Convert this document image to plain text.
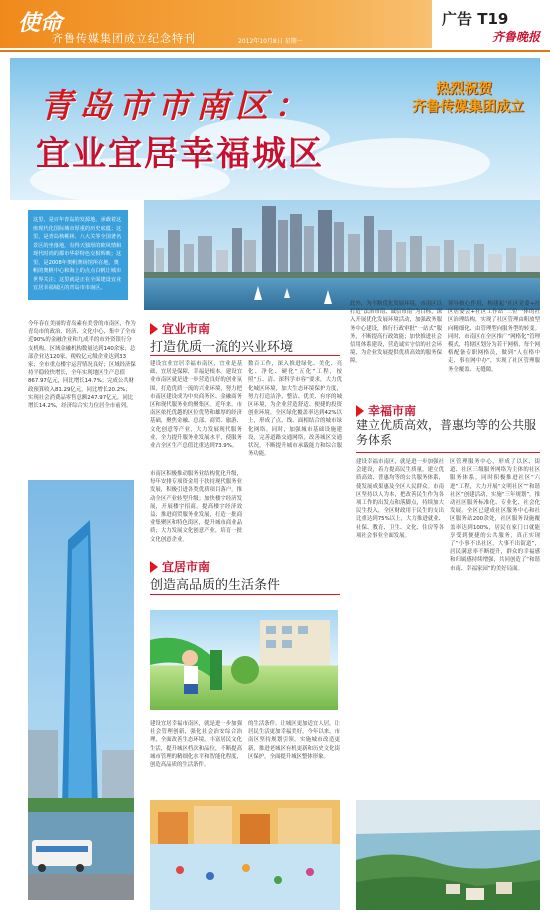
使命
齐鲁传媒集团成立纪念特刊	2012年10月8日 星期一
广告 T19
齐鲁晚报
青岛市市南区：
宜业宜居幸福城区
热烈祝贺
齐鲁传媒集团成立
这里，是百年青岛的发源地，承载着这座现代化国际城市厚重的历史底蕴；这里，是青岛核桃林、八大关等全国著名景区的坐落地，有得天独厚的欧风情和现代时尚的都市华彩特色交相辉映；这里，是2008年奥帆赛场馆所在地，奥帆的奥帆中心和海上的点点白帆让城市世界关注；这里就是正在全面建设宜业宜居幸福城区的青岛市市南区。
今年春在美丽的青岛素有美誉的市南区，作为青岛市的政治、经济、文化中心，集中了全市近90%的金融企业和九成半的市外资银行分支机构，区域金融机构数量达到140余家；总部企业达120家，税收亿元级企业达到33家；全市重点楼宇运营情况良好；区域经济保持平稳较快增长，全年实现地区生产总值867.97亿元，同比增长14.7%；完成公共财政预算收入81.29亿元，同比增长20.2%；实现社会消费品零售总额247.97亿元，同比增长14.2%，经济综合实力位居全市前列。
宜业市南
打造优质一流的兴业环境
建设宜业宜居幸福市南区，宜业是基础，宜居是保障，幸福是根本。建设宜业市南区就是进一步营造良好的创业氛围，打造优质一流的兴业环境，努力把市南区建设成为中央商务区、金融商务区和现代服务业的聚集区。近年来，市南区依托优越的区位优势和雄厚的经济基础，聚焦金融、总部、商贸、旅游、文化创意等产业，大力发展现代服务业，全力提升服务业发展水平，使服务业占全区生产总值比重达到73.9%。
市南区积极推动服务业结构优化升级，每年安排专项资金用于扶持现代服务业发展，积极引进各类优质项目落户，推动全区产业转型升级；加快楼宇经济发展，开展楼宇招商，提高楼宇经济效益；推进商贸服务业发展，打造一批商业集聚区和特色街区，提升城市商业品质；大力发展文化创意产业，培育一批文化创意企业。
数百工作，深入推进绿化、美化、亮化、净化、硬化“五化”工程，按照“五、清、深科学市容”要求，大力优化城区环境，加大生态环境保护力度，努力打造洁净、整洁、优美、有序的城区环境，为企业营造舒适、便捷的投资创业环境。全区绿化覆盖率达到42%以上，形成了点、线、面相结合的城市绿化网络。同时，加强城市基础设施建设，完善道路交通网络，改善城区交通状况，不断提升城市承载能力和综合服务功能。
此外，为不断优化发展环境，市南区以打造“法治市南、诚信市南”为目标，深入开展优化发展环境活动，加强政务服务中心建设，推行行政审批“一站式”服务，不断提高行政效能；加快推进社会信用体系建设，营造诚实守信的社会环境，为企业发展提供优质高效的服务保障。
领导核心作用，构建起“社区党委+社区居委会+社区工作站”三位一体的社区治理结构，实现了社区管理由粗放型向精细化、由管理型向服务型的转变。同时，市南区在全区推广“网格化”管理模式，将辖区划分为若干网格，每个网格配备专职网格员，做到“人在格中走，事在网中办”，实现了社区管理服务全覆盖、无缝隙。
幸福市南
建立优质高效，普惠均等的公共服务体系
建设幸福市南区，就是进一步加强社会建设，着力提高民生质量，建立优质高效、普惠均等的公共服务体系，使发展成果惠及全区人民群众。市南区坚持以人为本，把改善民生作为各项工作的出发点和落脚点，持续加大民生投入，全区财政用于民生的支出比重达到75%以上，大力推进就业、社保、教育、卫生、文化、住房等各项社会事业全面发展。
区管理服务中心，形成了以区、街道、社区三级服务网络为主体的社区服务体系。同时积极推进社区“六进”工程，大力开展“文明社区”“和谐社区”创建活动，实施“三年规划”，推动社区服务标准化、专业化、社会化发展。全区已建成社区服务中心和社区服务站200余处，社区服务设施覆盖率达到100%，居民在家门口就能享受到便捷的公共服务，真正实现了“小事不出社区，大事不出街道”，居民满意率不断提升，群众的幸福感和归属感持续增强，共同创造了“和谐市南、幸福家园”的美好局面。
宜居市南
创造高品质的生活条件
建设宜居幸福市南区，就是进一步加强社会管理创新，强化社会治安综合治理，全面改善生态环境，丰富居民文化生活，提升城区档次和品位，不断提高城市管理的精细化水平和智能化程度，创造高品质的生活条件。
的生活条件。让城区更加适宜人居，让居民生活更加幸福美好。今年以来，市南区坚持规划引领，实施城市改造更新，推进老城区有机更新和历史文化街区保护，全面提升城区整体形象。
